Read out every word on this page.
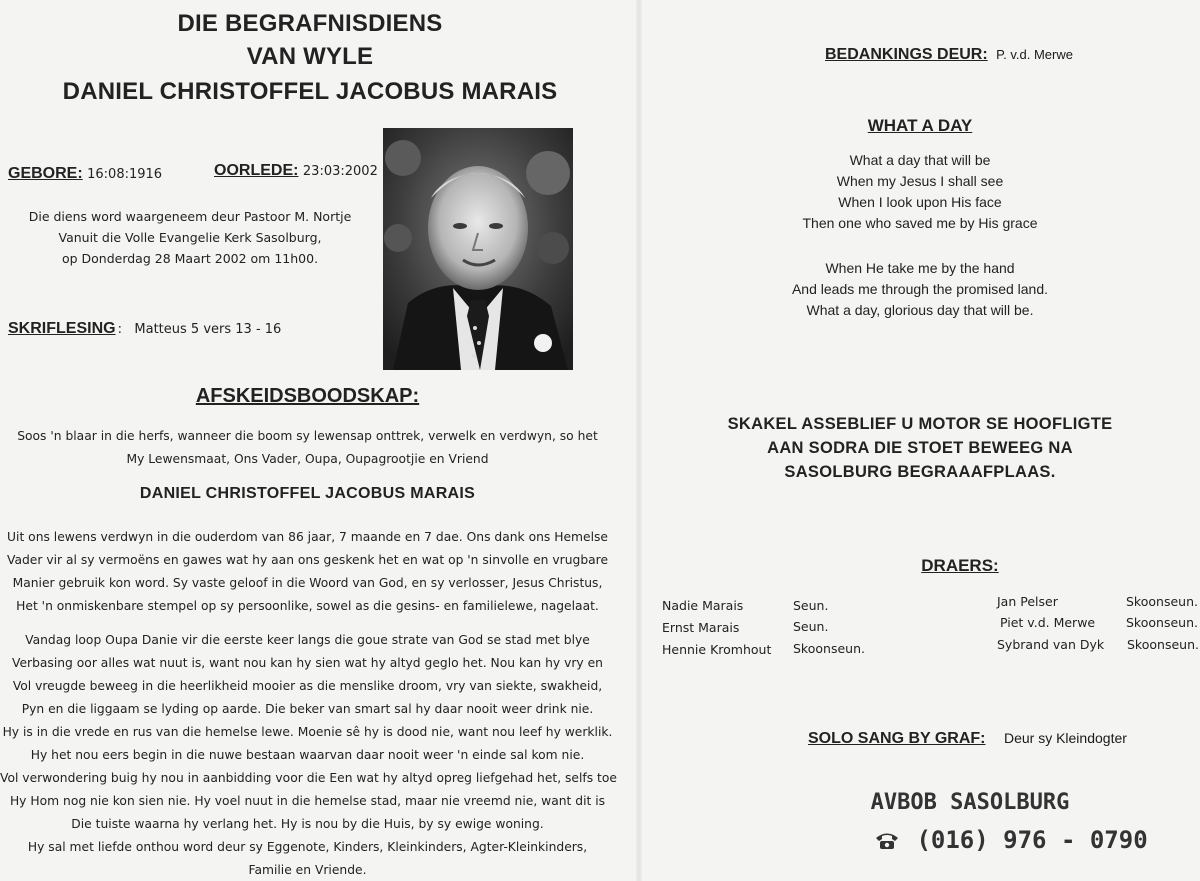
DIE BEGRAFNISDIENS
VAN WYLE
DANIEL CHRISTOFFEL JACOBUS MARAIS
GEBORE: 16:08:1916	OORLEDE: 23:03:2002
Die diens word waargeneem deur Pastoor M. Nortje
Vanuit die Volle Evangelie Kerk Sasolburg,
op Donderdag 28 Maart 2002 om 11h00.
SKRIFLESING : Matteus 5 vers 13 - 16
AFSKEIDSBOODSKAP:
Soos 'n blaar in die herfs, wanneer die boom sy lewensap onttrek, verwelk en verdwyn, so het
My Lewensmaat, Ons Vader, Oupa, Oupagrootjie en Vriend
DANIEL CHRISTOFFEL JACOBUS MARAIS
Uit ons lewens verdwyn in die ouderdom van 86 jaar, 7 maande en 7 dae. Ons dank ons Hemelse
Vader vir al sy vermoëns en gawes wat hy aan ons geskenk het en wat op 'n sinvolle en vrugbare
Manier gebruik kon word. Sy vaste geloof in die Woord van God, en sy verlosser, Jesus Christus,
Het 'n onmiskenbare stempel op sy persoonlike, sowel as die gesins- en familielewe, nagelaat.
Vandag loop Oupa Danie vir die eerste keer langs die goue strate van God se stad met blye
Verbasing oor alles wat nuut is, want nou kan hy sien wat hy altyd geglo het. Nou kan hy vry en
Vol vreugde beweeg in die heerlikheid mooier as die menslike droom, vry van siekte, swakheid,
Pyn en die liggaam se lyding op aarde. Die beker van smart sal hy daar nooit weer drink nie.
Hy is in die vrede en rus van die hemelse lewe. Moenie sê hy is dood nie, want nou leef hy werklik.
Hy het nou eers begin in die nuwe bestaan waarvan daar nooit weer 'n einde sal kom nie.
Vol verwondering buig hy nou in aanbidding voor die Een wat hy altyd opreg liefgehad het, selfs toe
Hy Hom nog nie kon sien nie. Hy voel nuut in die hemelse stad, maar nie vreemd nie, want dit is
Die tuiste waarna hy verlang het. Hy is nou by die Huis, by sy ewige woning.
Hy sal met liefde onthou word deur sy Eggenote, Kinders, Kleinkinders, Agter-Kleinkinders,
Familie en Vriende.
BEDANKINGS DEUR: P. v.d. Merwe
WHAT A DAY
What a day that will be
When my Jesus I shall see
When I look upon His face
Then one who saved me by His grace
When He take me by the hand
And leads me through the promised land.
What a day, glorious day that will be.
SKAKEL ASSEBLIEF U MOTOR SE HOOFLIGTE
AAN SODRA DIE STOET BEWEEG NA
SASOLBURG BEGRAAAFPLAAS.
DRAERS:
Nadie Marais	Seun.
Ernst Marais	Seun.
Hennie Kromhout Skoonseun.
Jan Pelser	Skoonseun.
Piet v.d. Merwe Skoonseun.
Sybrand van Dyk Skoonseun.
SOLO SANG BY GRAF: Deur sy Kleindogter
AVBOB SASOLBURG
(016) 976 - 0790
